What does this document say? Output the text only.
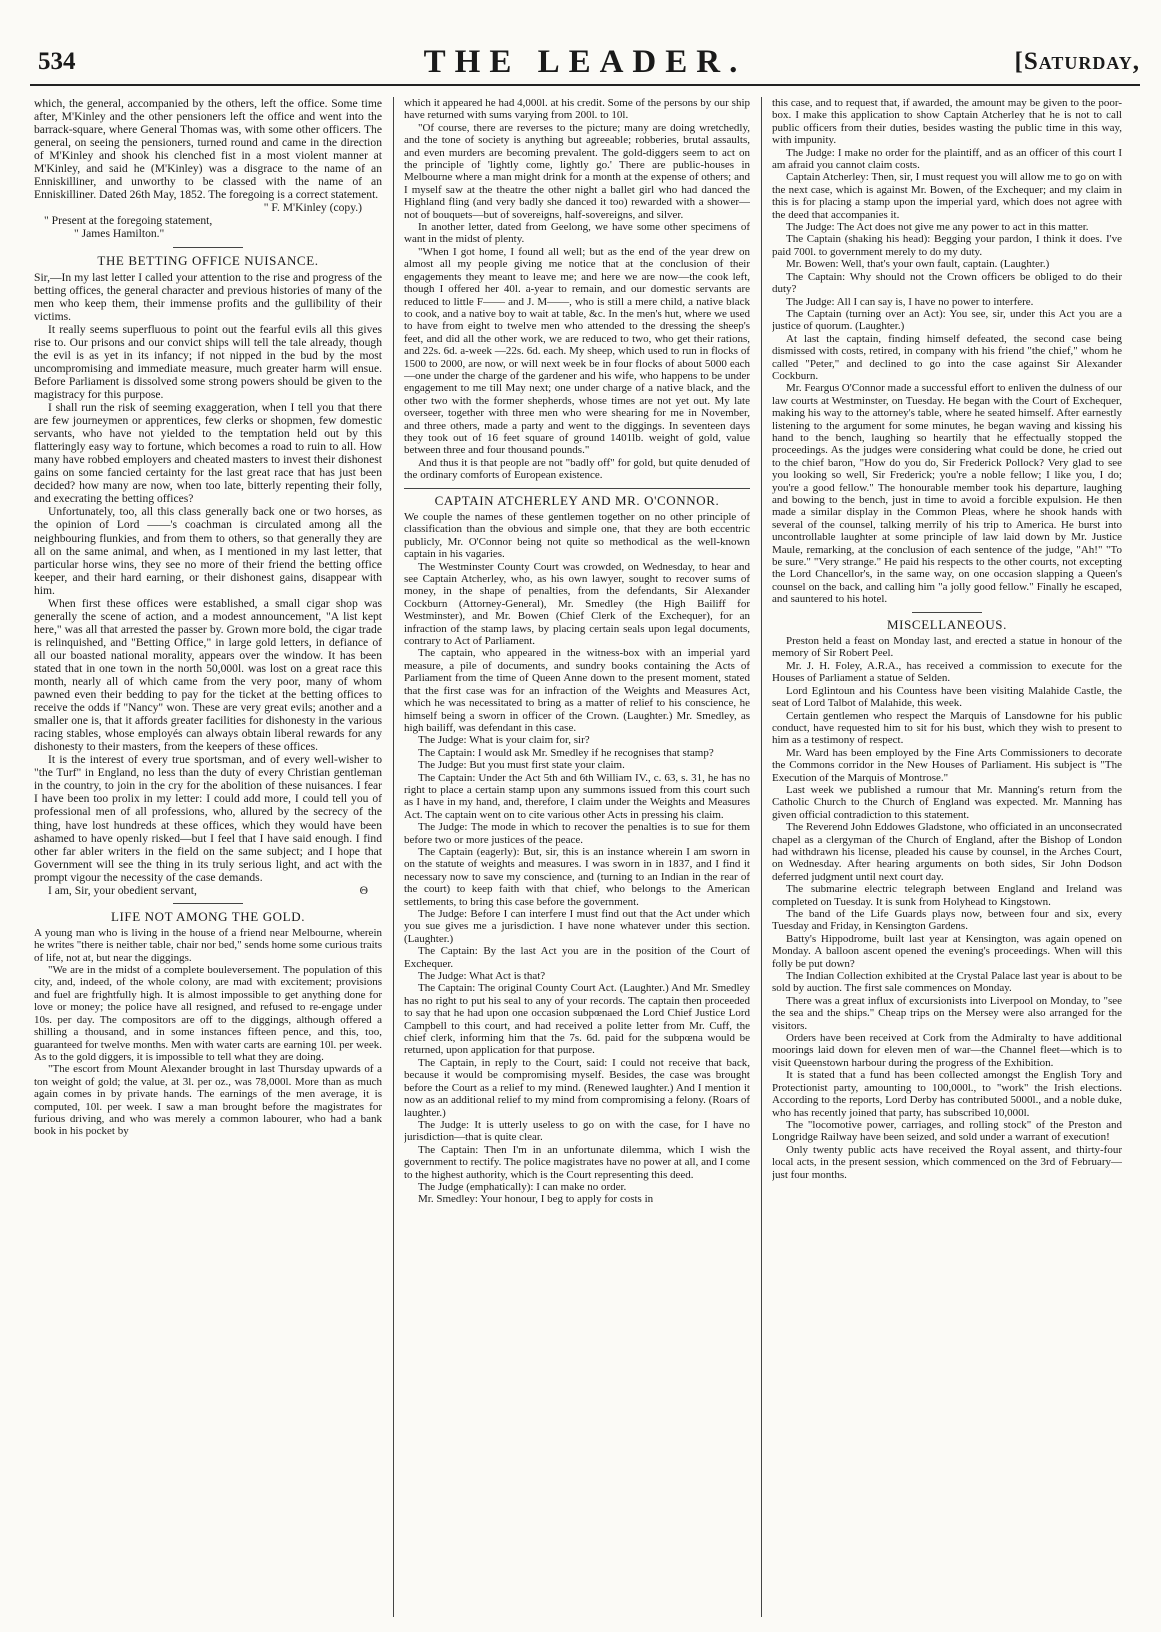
534	THE LEADER.	[Saturday,

which, the general, accompanied by the others, left the office. Some time after, M'Kinley and the other pensioners left the office and went into the barrack-square, where General Thomas was, with some other officers. The general, on seeing the pensioners, turned round and came in the direction of M'Kinley and shook his clenched fist in a most violent manner at M'Kinley, and said he (M'Kinley) was a disgrace to the name of an Enniskilliner, and unworthy to be classed with the name of an Enniskilliner. Dated 26th May, 1852. The foregoing is a correct statement.

" F. M'Kinley (copy.)

" Present at the foregoing statement,

" James Hamilton."

THE BETTING OFFICE NUISANCE.

Sir,—In my last letter I called your attention to the rise and progress of the betting offices, the general character and previous histories of many of the men who keep them, their immense profits and the gullibility of their victims.

It really seems superfluous to point out the fearful evils all this gives rise to. Our prisons and our convict ships will tell the tale already, though the evil is as yet in its infancy; if not nipped in the bud by the most uncompromising and immediate measure, much greater harm will ensue. Before Parliament is dissolved some strong powers should be given to the magistracy for this purpose.

I shall run the risk of seeming exaggeration, when I tell you that there are few journeymen or apprentices, few clerks or shopmen, few domestic servants, who have not yielded to the temptation held out by this flatteringly easy way to fortune, which becomes a road to ruin to all. How many have robbed employers and cheated masters to invest their dishonest gains on some fancied certainty for the last great race that has just been decided? how many are now, when too late, bitterly repenting their folly, and execrating the betting offices?

Unfortunately, too, all this class generally back one or two horses, as the opinion of Lord ——'s coachman is circulated among all the neighbouring flunkies, and from them to others, so that generally they are all on the same animal, and when, as I mentioned in my last letter, that particular horse wins, they see no more of their friend the betting office keeper, and their hard earning, or their dishonest gains, disappear with him.

When first these offices were established, a small cigar shop was generally the scene of action, and a modest announcement, "A list kept here," was all that arrested the passer by. Grown more bold, the cigar trade is relinquished, and "Betting Office," in large gold letters, in defiance of all our boasted national morality, appears over the window. It has been stated that in one town in the north 50,000l. was lost on a great race this month, nearly all of which came from the very poor, many of whom pawned even their bedding to pay for the ticket at the betting offices to receive the odds if "Nancy" won. These are very great evils; another and a smaller one is, that it affords greater facilities for dishonesty in the various racing stables, whose employés can always obtain liberal rewards for any dishonesty to their masters, from the keepers of these offices.

It is the interest of every true sportsman, and of every well-wisher to "the Turf" in England, no less than the duty of every Christian gentleman in the country, to join in the cry for the abolition of these nuisances. I fear I have been too prolix in my letter: I could add more, I could tell you of professional men of all professions, who, allured by the secrecy of the thing, have lost hundreds at these offices, which they would have been ashamed to have openly risked—but I feel that I have said enough. I find other far abler writers in the field on the same subject; and I hope that Government will see the thing in its truly serious light, and act with the prompt vigour the necessity of the case demands.

Θ
I am, Sir, your obedient servant,

LIFE NOT AMONG THE GOLD.

A young man who is living in the house of a friend near Melbourne, wherein he writes "there is neither table, chair nor bed," sends home some curious traits of life, not at, but near the diggings.

"We are in the midst of a complete bouleversement. The population of this city, and, indeed, of the whole colony, are mad with excitement; provisions and fuel are frightfully high. It is almost impossible to get anything done for love or money; the police have all resigned, and refused to re-engage under 10s. per day. The compositors are off to the diggings, although offered a shilling a thousand, and in some instances fifteen pence, and this, too, guaranteed for twelve months. Men with water carts are earning 10l. per week. As to the gold diggers, it is impossible to tell what they are doing.

"The escort from Mount Alexander brought in last Thursday upwards of a ton weight of gold; the value, at 3l. per oz., was 78,000l. More than as much again comes in by private hands. The earnings of the men average, it is computed, 10l. per week. I saw a man brought before the magistrates for furious driving, and who was merely a common labourer, who had a bank book in his pocket by

which it appeared he had 4,000l. at his credit. Some of the persons by our ship have returned with sums varying from 200l. to 10l.

"Of course, there are reverses to the picture; many are doing wretchedly, and the tone of society is anything but agreeable; robberies, brutal assaults, and even murders are becoming prevalent. The gold-diggers seem to act on the principle of 'lightly come, lightly go.' There are public-houses in Melbourne where a man might drink for a month at the expense of others; and I myself saw at the theatre the other night a ballet girl who had danced the Highland fling (and very badly she danced it too) rewarded with a shower—not of bouquets—but of sovereigns, half-sovereigns, and silver.

In another letter, dated from Geelong, we have some other specimens of want in the midst of plenty.

"When I got home, I found all well; but as the end of the year drew on almost all my people giving me notice that at the conclusion of their engagements they meant to leave me; and here we are now—the cook left, though I offered her 40l. a-year to remain, and our domestic servants are reduced to little F—— and J. M——, who is still a mere child, a native black to cook, and a native boy to wait at table, &c. In the men's hut, where we used to have from eight to twelve men who attended to the dressing the sheep's feet, and did all the other work, we are reduced to two, who get their rations, and 22s. 6d. a-week —22s. 6d. each. My sheep, which used to run in flocks of 1500 to 2000, are now, or will next week be in four flocks of about 5000 each—one under the charge of the gardener and his wife, who happens to be under engagement to me till May next; one under charge of a native black, and the other two with the former shepherds, whose times are not yet out. My late overseer, together with three men who were shearing for me in November, and three others, made a party and went to the diggings. In seventeen days they took out of 16 feet square of ground 1401lb. weight of gold, value between three and four thousand pounds."

And thus it is that people are not "badly off" for gold, but quite denuded of the ordinary comforts of European existence.

CAPTAIN ATCHERLEY AND MR. O'CONNOR.

We couple the names of these gentlemen together on no other principle of classification than the obvious and simple one, that they are both eccentric publicly, Mr. O'Connor being not quite so methodical as the well-known captain in his vagaries.

The Westminster County Court was crowded, on Wednesday, to hear and see Captain Atcherley, who, as his own lawyer, sought to recover sums of money, in the shape of penalties, from the defendants, Sir Alexander Cockburn (Attorney-General), Mr. Smedley (the High Bailiff for Westminster), and Mr. Bowen (Chief Clerk of the Exchequer), for an infraction of the stamp laws, by placing certain seals upon legal documents, contrary to Act of Parliament.

The captain, who appeared in the witness-box with an imperial yard measure, a pile of documents, and sundry books containing the Acts of Parliament from the time of Queen Anne down to the present moment, stated that the first case was for an infraction of the Weights and Measures Act, which he was necessitated to bring as a matter of relief to his conscience, he himself being a sworn in officer of the Crown. (Laughter.) Mr. Smedley, as high bailiff, was defendant in this case.

The Judge: What is your claim for, sir?

The Captain: I would ask Mr. Smedley if he recognises that stamp?

The Judge: But you must first state your claim.

The Captain: Under the Act 5th and 6th William IV., c. 63, s. 31, he has no right to place a certain stamp upon any summons issued from this court such as I have in my hand, and, therefore, I claim under the Weights and Measures Act. The captain went on to cite various other Acts in pressing his claim.

The Judge: The mode in which to recover the penalties is to sue for them before two or more justices of the peace.

The Captain (eagerly): But, sir, this is an instance wherein I am sworn in on the statute of weights and measures. I was sworn in in 1837, and I find it necessary now to save my conscience, and (turning to an Indian in the rear of the court) to keep faith with that chief, who belongs to the American settlements, to bring this case before the government.

The Judge: Before I can interfere I must find out that the Act under which you sue gives me a jurisdiction. I have none whatever under this section. (Laughter.)

The Captain: By the last Act you are in the position of the Court of Exchequer.

The Judge: What Act is that?

The Captain: The original County Court Act. (Laughter.) And Mr. Smedley has no right to put his seal to any of your records. The captain then proceeded to say that he had upon one occasion subpœnaed the Lord Chief Justice Lord Campbell to this court, and had received a polite letter from Mr. Cuff, the chief clerk, informing him that the 7s. 6d. paid for the subpœna would be returned, upon application for that purpose.

The Captain, in reply to the Court, said: I could not receive that back, because it would be compromising myself. Besides, the case was brought before the Court as a relief to my mind. (Renewed laughter.) And I mention it now as an additional relief to my mind from compromising a felony. (Roars of laughter.)

The Judge: It is utterly useless to go on with the case, for I have no jurisdiction—that is quite clear.

The Captain: Then I'm in an unfortunate dilemma, which I wish the government to rectify. The police magistrates have no power at all, and I come to the highest authority, which is the Court representing this deed.

The Judge (emphatically): I can make no order.

Mr. Smedley: Your honour, I beg to apply for costs in

this case, and to request that, if awarded, the amount may be given to the poor-box. I make this application to show Captain Atcherley that he is not to call public officers from their duties, besides wasting the public time in this way, with impunity.

The Judge: I make no order for the plaintiff, and as an officer of this court I am afraid you cannot claim costs.

Captain Atcherley: Then, sir, I must request you will allow me to go on with the next case, which is against Mr. Bowen, of the Exchequer; and my claim in this is for placing a stamp upon the imperial yard, which does not agree with the deed that accompanies it.

The Judge: The Act does not give me any power to act in this matter.

The Captain (shaking his head): Begging your pardon, I think it does. I've paid 700l. to government merely to do my duty.

Mr. Bowen: Well, that's your own fault, captain. (Laughter.)

The Captain: Why should not the Crown officers be obliged to do their duty?

The Judge: All I can say is, I have no power to interfere.

The Captain (turning over an Act): You see, sir, under this Act you are a justice of quorum. (Laughter.)

At last the captain, finding himself defeated, the second case being dismissed with costs, retired, in company with his friend "the chief," whom he called "Peter," and declined to go into the case against Sir Alexander Cockburn.

Mr. Feargus O'Connor made a successful effort to enliven the dulness of our law courts at Westminster, on Tuesday. He began with the Court of Exchequer, making his way to the attorney's table, where he seated himself. After earnestly listening to the argument for some minutes, he began waving and kissing his hand to the bench, laughing so heartily that he effectually stopped the proceedings. As the judges were considering what could be done, he cried out to the chief baron, "How do you do, Sir Frederick Pollock? Very glad to see you looking so well, Sir Frederick; you're a noble fellow; I like you, I do; you're a good fellow." The honourable member took his departure, laughing and bowing to the bench, just in time to avoid a forcible expulsion. He then made a similar display in the Common Pleas, where he shook hands with several of the counsel, talking merrily of his trip to America. He burst into uncontrollable laughter at some principle of law laid down by Mr. Justice Maule, remarking, at the conclusion of each sentence of the judge, "Ah!" "To be sure." "Very strange." He paid his respects to the other courts, not excepting the Lord Chancellor's, in the same way, on one occasion slapping a Queen's counsel on the back, and calling him "a jolly good fellow." Finally he escaped, and sauntered to his hotel.

MISCELLANEOUS.

Preston held a feast on Monday last, and erected a statue in honour of the memory of Sir Robert Peel.

Mr. J. H. Foley, A.R.A., has received a commission to execute for the Houses of Parliament a statue of Selden.

Lord Eglintoun and his Countess have been visiting Malahide Castle, the seat of Lord Talbot of Malahide, this week.

Certain gentlemen who respect the Marquis of Lansdowne for his public conduct, have requested him to sit for his bust, which they wish to present to him as a testimony of respect.

Mr. Ward has been employed by the Fine Arts Commissioners to decorate the Commons corridor in the New Houses of Parliament. His subject is "The Execution of the Marquis of Montrose."

Last week we published a rumour that Mr. Manning's return from the Catholic Church to the Church of England was expected. Mr. Manning has given official contradiction to this statement.

The Reverend John Eddowes Gladstone, who officiated in an unconsecrated chapel as a clergyman of the Church of England, after the Bishop of London had withdrawn his license, pleaded his cause by counsel, in the Arches Court, on Wednesday. After hearing arguments on both sides, Sir John Dodson deferred judgment until next court day.

The submarine electric telegraph between England and Ireland was completed on Tuesday. It is sunk from Holyhead to Kingstown.

The band of the Life Guards plays now, between four and six, every Tuesday and Friday, in Kensington Gardens.

Batty's Hippodrome, built last year at Kensington, was again opened on Monday. A balloon ascent opened the evening's proceedings. When will this folly be put down?

The Indian Collection exhibited at the Crystal Palace last year is about to be sold by auction. The first sale commences on Monday.

There was a great influx of excursionists into Liverpool on Monday, to "see the sea and the ships." Cheap trips on the Mersey were also arranged for the visitors.

Orders have been received at Cork from the Admiralty to have additional moorings laid down for eleven men of war—the Channel fleet—which is to visit Queenstown harbour during the progress of the Exhibition.

It is stated that a fund has been collected amongst the English Tory and Protectionist party, amounting to 100,000l., to "work" the Irish elections. According to the reports, Lord Derby has contributed 5000l., and a noble duke, who has recently joined that party, has subscribed 10,000l.

The "locomotive power, carriages, and rolling stock" of the Preston and Longridge Railway have been seized, and sold under a warrant of execution!

Only twenty public acts have received the Royal assent, and thirty-four local acts, in the present session, which commenced on the 3rd of February—just four months.
